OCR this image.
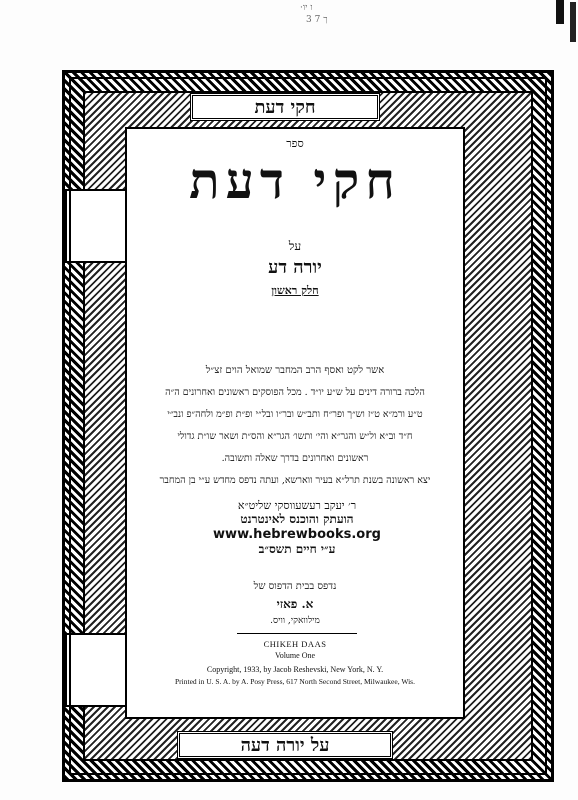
·ו יו
3 7 ך
חקי דעת
ספר
חקי דעת
על
יורה דע
חלק ראשון
אשר לקט ואסף הרב המחבר שמואל הוים זצ״ל
הלכה ברורה דינים על ש״ע יו״ד . מכל הפוסקים ראשונים ואחרונים ה״ה
ט״ע ורמ״א ט״ז וש״ך ופר״ח ותב״ש ובר״ו ובל״י ופ״ת ופ״מ ולחה״פ ונב״י
ח״ד וב״א ול״ש והגר״א והי׳ ותשו׳ הגר״א והס״ת ושאר שו״ת גדולי
ראשונים ואחרונים בדרך שאלה ותשובה.
יצא ראשונה בשנת תרל״א בעיר ווארשא, ועתה נדפס מחדש ע״י בן המחבר
ר׳ יעקב רעשעווסקי שליט״א
הועתק והוכנס לאינטרנט
www.hebrewbooks.org
ע״י חיים תשס״ב
נדפס בבית הדפוס של
א. פאזי
מילוואקי, וויס.
CHIKEH DAAS
Volume One
Copyright, 1933, by Jacob Reshevski, New York, N. Y.
Printed in U. S. A. by A. Posy Press, 617 North Second Street, Milwaukee, Wis.
על יורה דעה
